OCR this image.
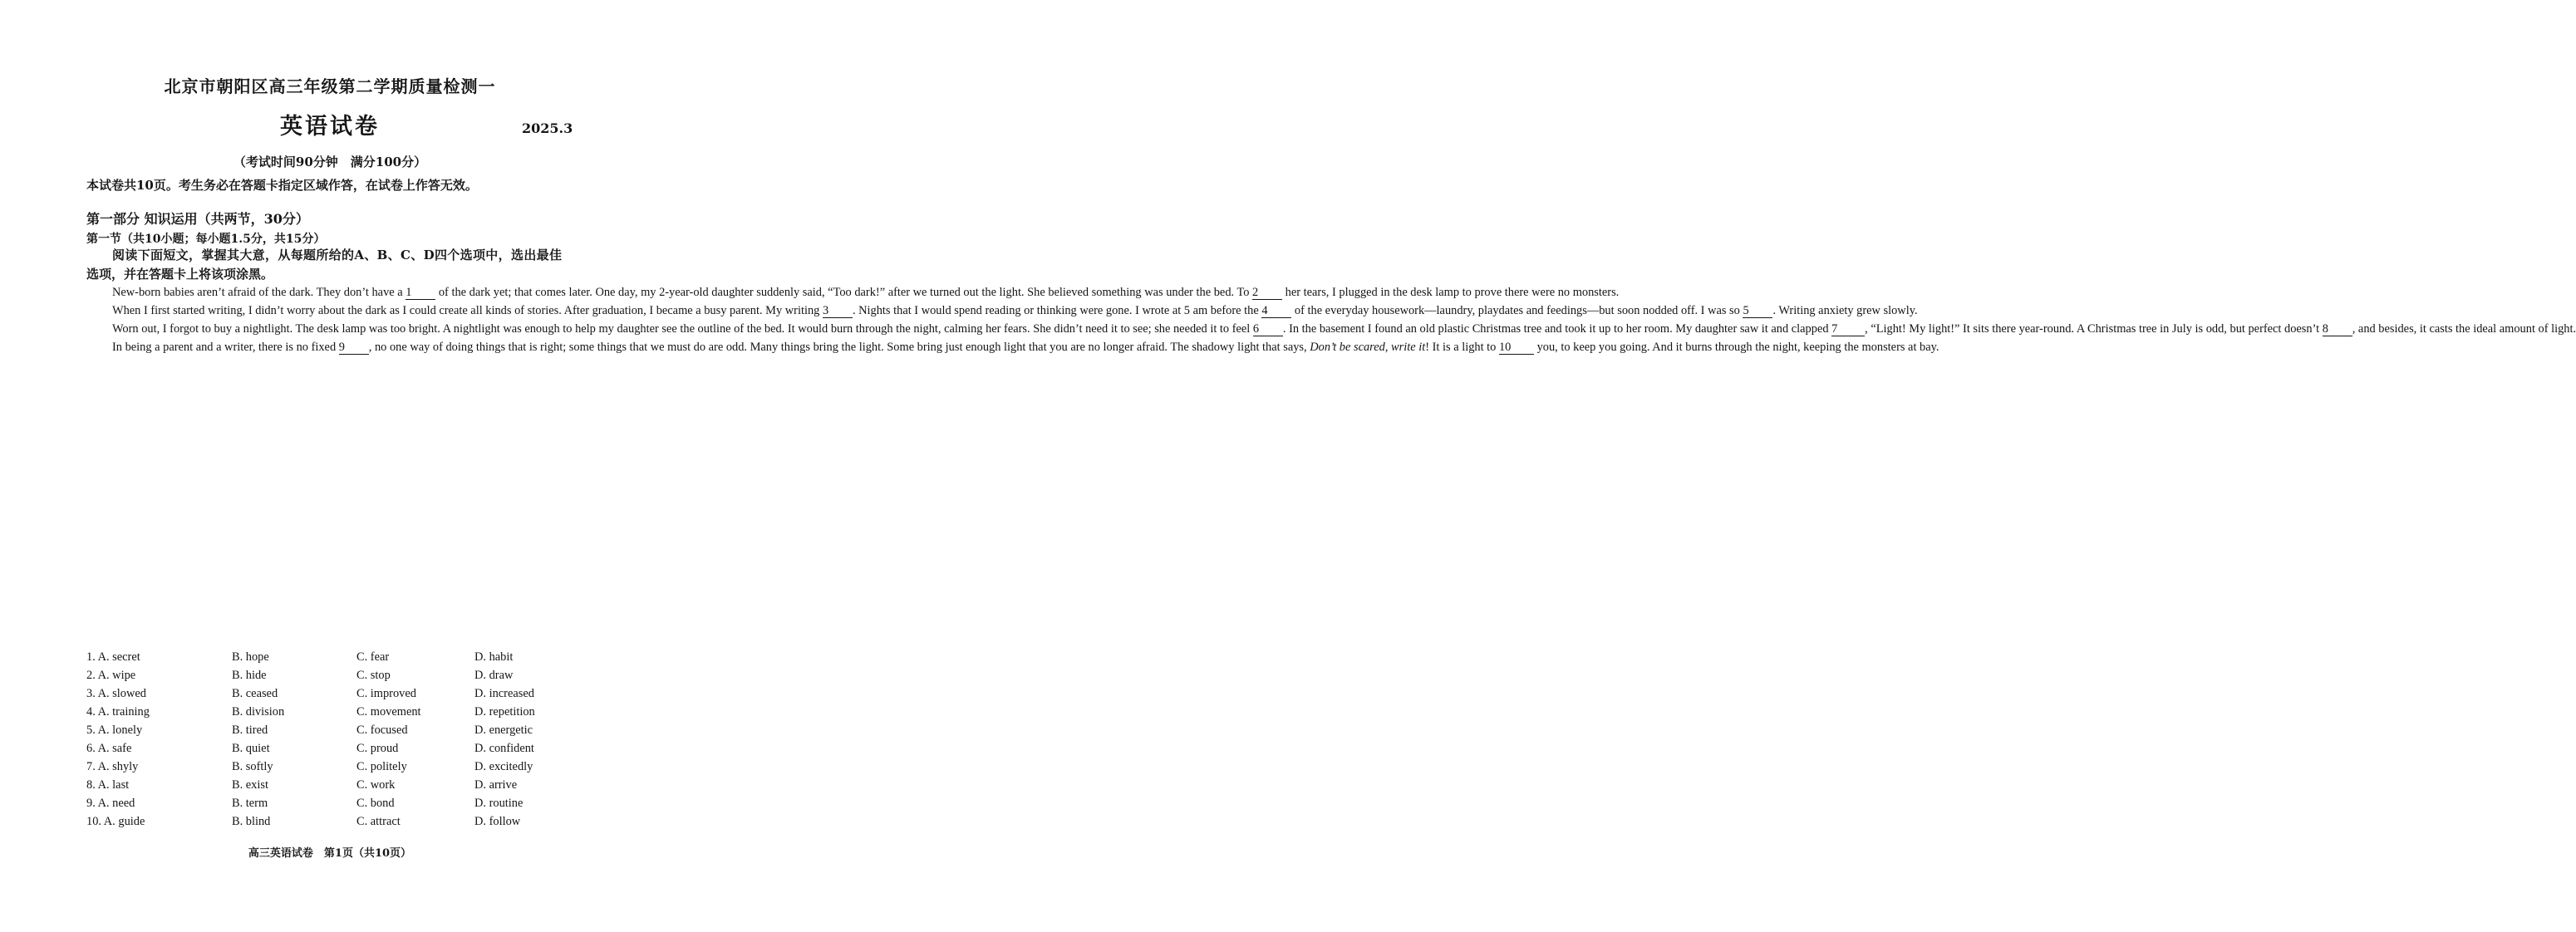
北京市朝阳区高三年级第二学期质量检测一
英语试卷	2025.3
（考试时间90分钟　满分100分）
本试卷共10页。考生务必在答题卡指定区域作答，在试卷上作答无效。
第一部分 知识运用（共两节，30分）
第一节（共10小题；每小题1.5分，共15分）
阅读下面短文，掌握其大意，从每题所给的A、B、C、D四个选项中，选出最佳选项，并在答题卡上将该项涂黑。

New-born babies aren’t afraid of the dark. They don’t have a 1 of the dark yet; that comes later. One day, my 2-year-old daughter suddenly said, “Too dark!” after we turned out the light. She believed something was under the bed. To 2 her tears, I plugged in the desk lamp to prove there were no monsters.

When I first started writing, I didn’t worry about the dark as I could create all kinds of stories. After graduation, I became a busy parent. My writing 3 . Nights that I would spend reading or thinking were gone. I wrote at 5 am before the 4 of the everyday housework—laundry, playdates and feedings—but soon nodded off. I was so 5 . Writing anxiety grew slowly.

Worn out, I forgot to buy a nightlight. The desk lamp was too bright. A nightlight was enough to help my daughter see the outline of the bed. It would burn through the night, calming her fears. She didn’t need it to see; she needed it to feel 6 . In the basement I found an old plastic Christmas tree and took it up to her room. My daughter saw it and clapped 7 , “Light! My light!” It sits there year-round. A Christmas tree in July is odd, but perfect doesn’t 8 , and besides, it casts the ideal amount of light.

In being a parent and a writer, there is no fixed 9 , no one way of doing things that is right; some things that we must do are odd. Many things bring the light. Some bring just enough light that you are no longer afraid. The shadowy light that says, Don’t be scared, write it! It is a light to 10 you, to keep you going. And it burns through the night, keeping the monsters at bay.

1. A. secret	B. hope	C. fear	D. habit
2. A. wipe	B. hide	C. stop	D. draw
3. A. slowed	B. ceased	C. improved	D. increased
4. A. training	B. division	C. movement	D. repetition
5. A. lonely	B. tired	C. focused	D. energetic
6. A. safe	B. quiet	C. proud	D. confident
7. A. shyly	B. softly	C. politely	D. excitedly
8. A. last	B. exist	C. work	D. arrive
9. A. need	B. term	C. bond	D. routine
10. A. guide	B. blind	C. attract	D. follow
高三英语试卷　第1页（共10页）
